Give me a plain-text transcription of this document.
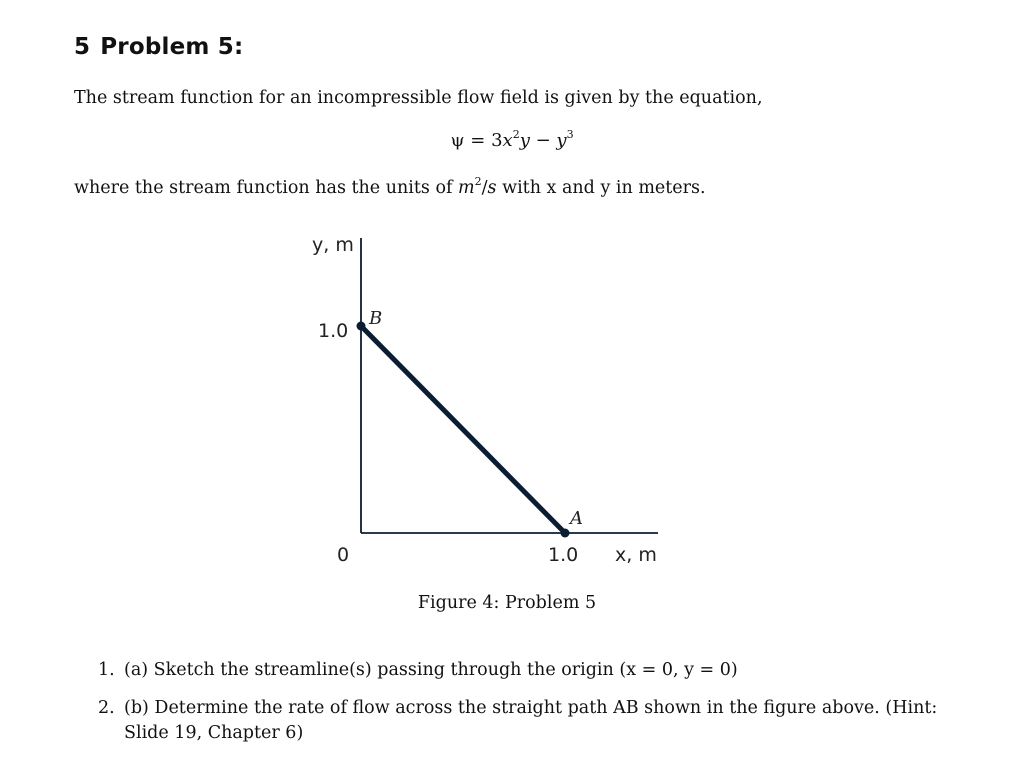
5 Problem 5:
The stream function for an incompressible flow field is given by the equation,
$\psi = 3x^2y - y^3$
where the stream function has the units of $m^2/s$ with x and y in meters.
y, m
1.0
B
A
0	1.0 x, m
Figure 4: Problem 5
1. (a) Sketch the streamline(s) passing through the origin (x = 0, y = 0)
2. (b) Determine the rate of flow across the straight path AB shown in the figure above. (Hint: Slide 19, Chapter 6)
